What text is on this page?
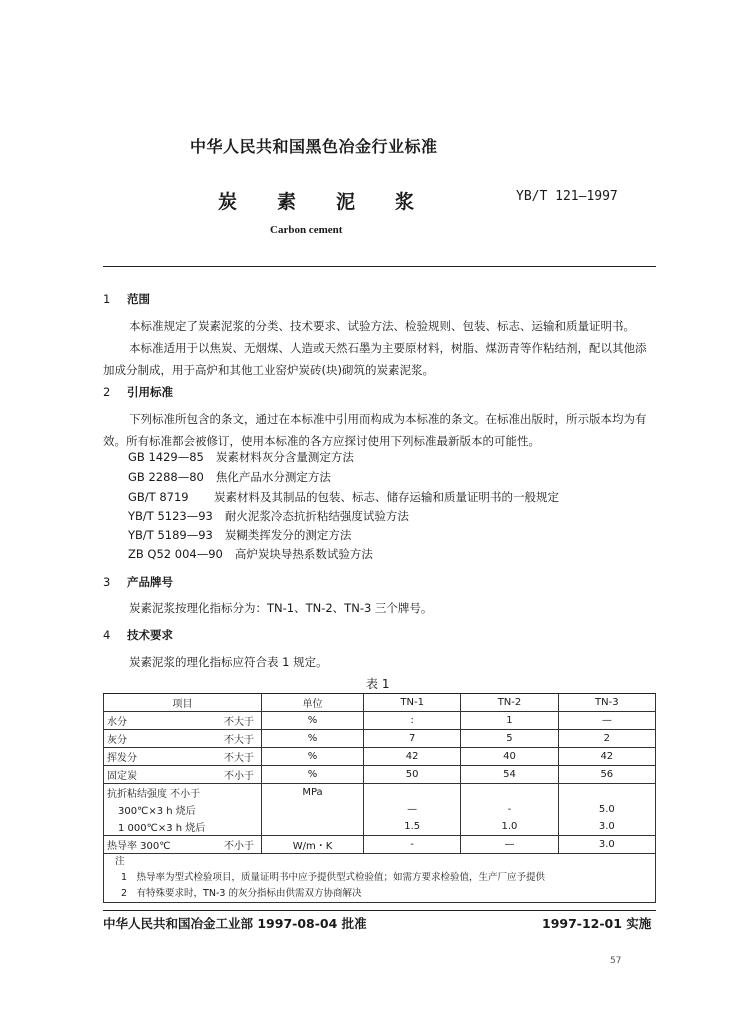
中华人民共和国黑色冶金行业标准
炭素泥浆	YB/T 121—1997
Carbon cement
1 范围
本标准规定了炭素泥浆的分类、技术要求、试验方法、检验规则、包装、标志、运输和质量证明书。
本标准适用于以焦炭、无烟煤、人造或天然石墨为主要原材料，树脂、煤沥青等作粘结剂，配以其他添加成分制成，用于高炉和其他工业窑炉炭砖(块)砌筑的炭素泥浆。
2 引用标准
下列标准所包含的条文，通过在本标准中引用而构成为本标准的条文。在标准出版时，所示版本均为有效。所有标准都会被修订，使用本标准的各方应探讨使用下列标准最新版本的可能性。
GB 1429—85 炭素材料灰分含量测定方法
GB 2288—80 焦化产品水分测定方法
GB/T 8719 炭素材料及其制品的包装、标志、储存运输和质量证明书的一般规定
YB/T 5123—93 耐火泥浆冷态抗折粘结强度试验方法
YB/T 5189—93 炭糊类挥发分的测定方法
ZB Q52 004—90 高炉炭块导热系数试验方法
3 产品牌号
炭素泥浆按理化指标分为：TN-1、TN-2、TN-3 三个牌号。
4 技术要求
炭素泥浆的理化指标应符合表 1 规定。
表 1
项目	单位	TN-1	TN-2	TN-3
水分 不大于	%	:	1	—
灰分 不大于	%	7	5	2
挥发分 不大于	%	42	40	42
固定炭 不小于	%	50	54	56
抗折粘结强度 不小于	MPa			
300℃×3 h 烧后		—	-	5.0
1 000℃×3 h 烧后		1.5	1.0	3.0
热导率 300℃ 不小于	W/m・K	-	—	3.0

注
1　热导率为型式检验项目，质量证明书中应予提供型式检验值；如需方要求检验值，生产厂应予提供
2　有特殊要求时，TN-3 的灰分指标由供需双方协商解决				
中华人民共和国冶金工业部 1997-08-04 批准	1997-12-01 实施
57
